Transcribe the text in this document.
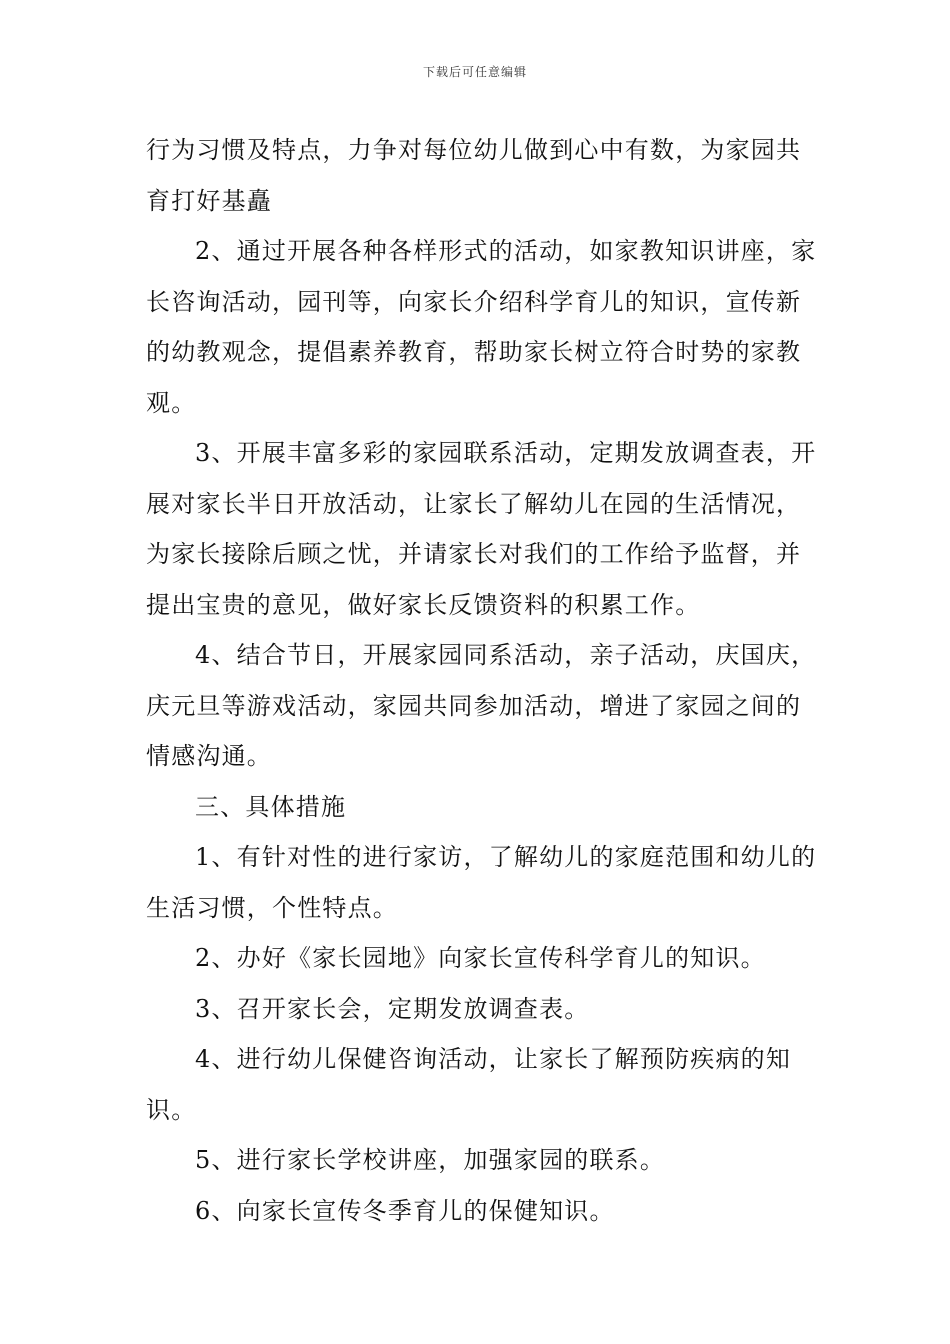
下载后可任意编辑

行为习惯及特点，力争对每位幼儿做到心中有数，为家园共育打好基矗

2、通过开展各种各样形式的活动，如家教知识讲座，家长咨询活动，园刊等，向家长介绍科学育儿的知识，宣传新的幼教观念，提倡素养教育，帮助家长树立符合时势的家教观。

3、开展丰富多彩的家园联系活动，定期发放调查表，开展对家长半日开放活动，让家长了解幼儿在园的生活情况，为家长接除后顾之忧，并请家长对我们的工作给予监督，并提出宝贵的意见，做好家长反馈资料的积累工作。

4、结合节日，开展家园同系活动，亲子活动，庆国庆，庆元旦等游戏活动，家园共同参加活动，增进了家园之间的情感沟通。

三、具体措施

1、有针对性的进行家访，了解幼儿的家庭范围和幼儿的生活习惯，个性特点。

2、办好《家长园地》向家长宣传科学育儿的知识。

3、召开家长会，定期发放调查表。

4、进行幼儿保健咨询活动，让家长了解预防疾病的知识。

5、进行家长学校讲座，加强家园的联系。

6、向家长宣传冬季育儿的保健知识。
